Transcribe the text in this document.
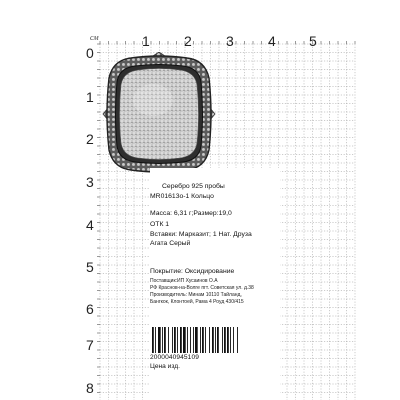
см	1 2 3 4 5
0
1
2
3
4
5
6
7
8
Серебро 925 пробы
MR01613o-1 Кольцо
Масса: 6,31 г;Размер:19,0
ОТК 1
Вставки: Марказит; 1 Нат. Друза
Агата Серый
Покрытие: Оксидирование
Поставщик:ИП Хусаинов О.А
РФ Краснов-на-Волге пгт. Советская ул. д.38
Производитель: Минам 10110 Тайланд,
Бангкок, Клонтоей, Рама 4 Роуд 430/415
2000040945109
Цена изд.
